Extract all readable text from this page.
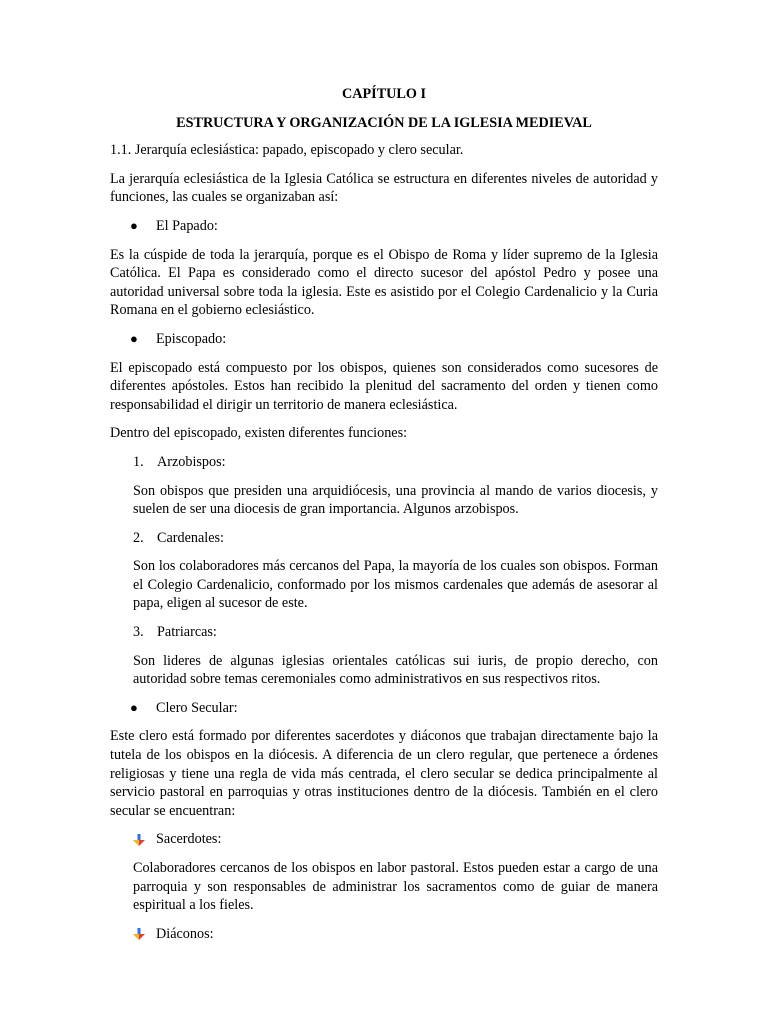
CAPÍTULO I
ESTRUCTURA Y ORGANIZACIÓN DE LA IGLESIA MEDIEVAL

1.1. Jerarquía eclesiástica: papado, episcopado y clero secular.

La jerarquía eclesiástica de la Iglesia Católica se estructura en diferentes niveles de autoridad y funciones, las cuales se organizaban así:

●	El Papado:

Es la cúspide de toda la jerarquía, porque es el Obispo de Roma y líder supremo de la Iglesia Católica. El Papa es considerado como el directo sucesor del apóstol Pedro y posee una autoridad universal sobre toda la iglesia. Este es asistido por el Colegio Cardenalicio y la Curia Romana en el gobierno eclesiástico.

●	Episcopado:

El episcopado está compuesto por los obispos, quienes son considerados como sucesores de diferentes apóstoles. Estos han recibido la plenitud del sacramento del orden y tienen como responsabilidad el dirigir un territorio de manera eclesiástica.

Dentro del episcopado, existen diferentes funciones:

1. Arzobispos:

Son obispos que presiden una arquidiócesis, una provincia al mando de varios diocesis, y suelen de ser una diocesis de gran importancia. Algunos arzobispos.

2. Cardenales:

Son los colaboradores más cercanos del Papa, la mayoría de los cuales son obispos. Forman el Colegio Cardenalicio, conformado por los mismos cardenales que además de asesorar al papa, eligen al sucesor de este.

3. Patriarcas:

Son lideres de algunas iglesias orientales católicas sui iuris, de propio derecho, con autoridad sobre temas ceremoniales como administrativos en sus respectivos ritos.

●	Clero Secular:

Este clero está formado por diferentes sacerdotes y diáconos que trabajan directamente bajo la tutela de los obispos en la diócesis. A diferencia de un clero regular, que pertenece a órdenes religiosas y tiene una regla de vida más centrada, el clero secular se dedica principalmente al servicio pastoral en parroquias y otras instituciones dentro de la diócesis. También en el clero secular se encuentran:

Sacerdotes:

Colaboradores cercanos de los obispos en labor pastoral. Estos pueden estar a cargo de una parroquia y son responsables de administrar los sacramentos como de guiar de manera espiritual a los fieles.

Diáconos:
